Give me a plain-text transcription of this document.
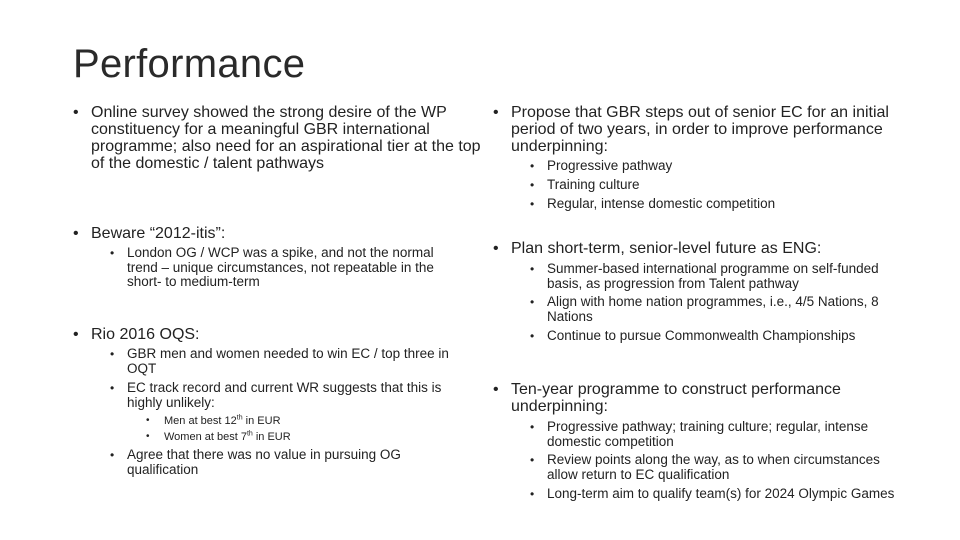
Performance
• Online survey showed the strong desire of the WP constituency for a meaningful GBR international programme; also need for an aspirational tier at the top of the domestic / talent pathways
• Beware “2012-itis”:
• London OG / WCP was a spike, and not the normal trend – unique circumstances, not repeatable in the short- to medium-term
• Rio 2016 OQS:
• GBR men and women needed to win EC / top three in OQT
• EC track record and current WR suggests that this is highly unlikely:
• Men at best 12th in EUR
• Women at best 7th in EUR
• Agree that there was no value in pursuing OG qualification
• Propose that GBR steps out of senior EC for an initial period of two years, in order to improve performance underpinning:
• Progressive pathway
• Training culture
• Regular, intense domestic competition
• Plan short-term, senior-level future as ENG:
• Summer-based international programme on self-funded basis, as progression from Talent pathway
• Align with home nation programmes, i.e., 4/5 Nations, 8 Nations
• Continue to pursue Commonwealth Championships
• Ten-year programme to construct performance underpinning:
• Progressive pathway; training culture; regular, intense domestic competition
• Review points along the way, as to when circumstances allow return to EC qualification
• Long-term aim to qualify team(s) for 2024 Olympic Games
